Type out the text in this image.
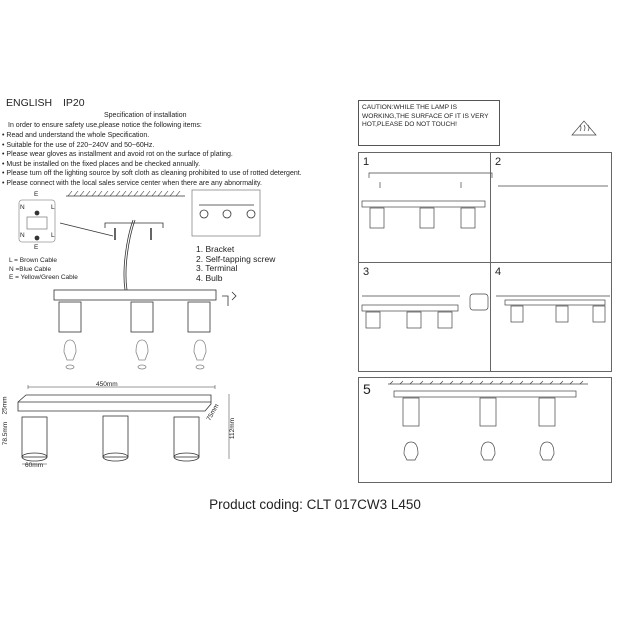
ENGLISH IP20
Specification of installation
In order to ensure safety use,please notice the following items:
• Read and understand the whole Specification.
• Suitable for the use of 220~240V and 50~60Hz.
• Please wear gloves as installment and avoid rot on the surface of plating.
• Must be installed on the fixed places and be checked annually.
• Please turn off the lighting source by soft cloth as cleaning prohibited to use of rotted detergent.
• Please connect with the local sales service center when there are any abnormality.
E
N	L
N	L
E
L = Brown Cable
N =Blue Cable
E = Yellow/Green Cable
1. Bracket
2. Self-tapping screw
3. Terminal
4. Bulb
450mm
25mm	75mm
112mm
78.5mm
60mm
CAUTION:WHILE THE LAMP IS WORKING,THE SURFACE OF IT IS VERY HOT,PLEASE DO NOT TOUCH!
1	2
3	4
5
Product coding: CLT 017CW3 L450
